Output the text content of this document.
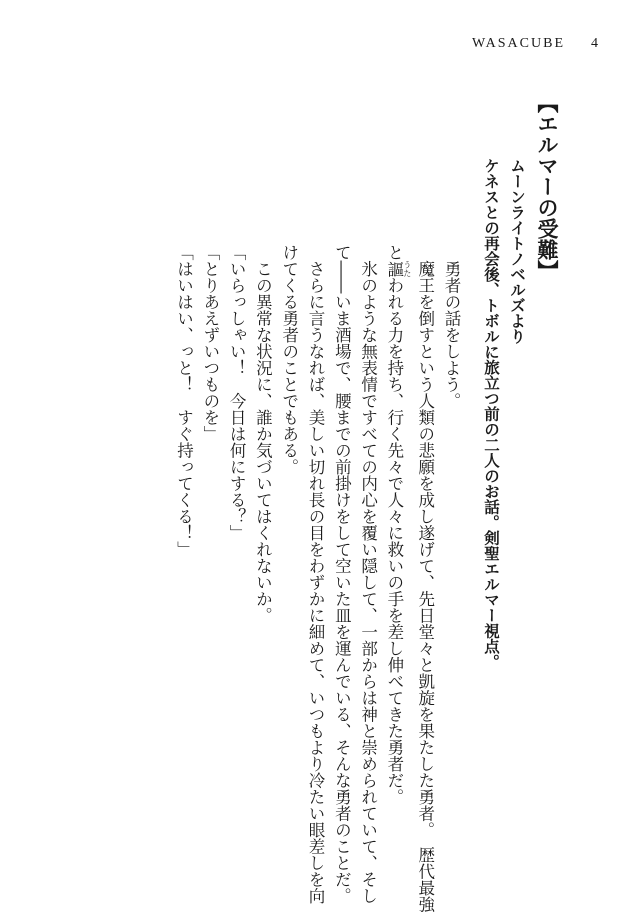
WASACUBE 4
【エルマーの受難】
ムーンライトノベルズより
ケネスとの再会後、トボルに旅立つ前の二人のお話。剣聖エルマー視点。

　勇者の話をしよう。

　魔王を倒すという人類の悲願を成し遂げて、先日堂々と凱旋を果たした勇者。　歴代最強

と謳 うたわれる力を持ち、行く先々で人々に救いの手を差し伸べてきた勇者だ。

　氷のような無表情ですべての内心を覆い隠して、一部からは神と崇められていて、そし

て――いま酒場で、腰までの前掛けをして空いた皿を運んでいる、そんな勇者のことだ。

　さらに言うなれば、美しい切れ長の目をわずかに細めて、いつもより冷たい眼差しを向

けてくる勇者のことでもある。

　この異常な状況に、誰か気づいてはくれないか。

「いらっしゃい！　今日は何にする？」

「とりあえずいつものを」

「はいはい、っと！　すぐ持ってくる！」
